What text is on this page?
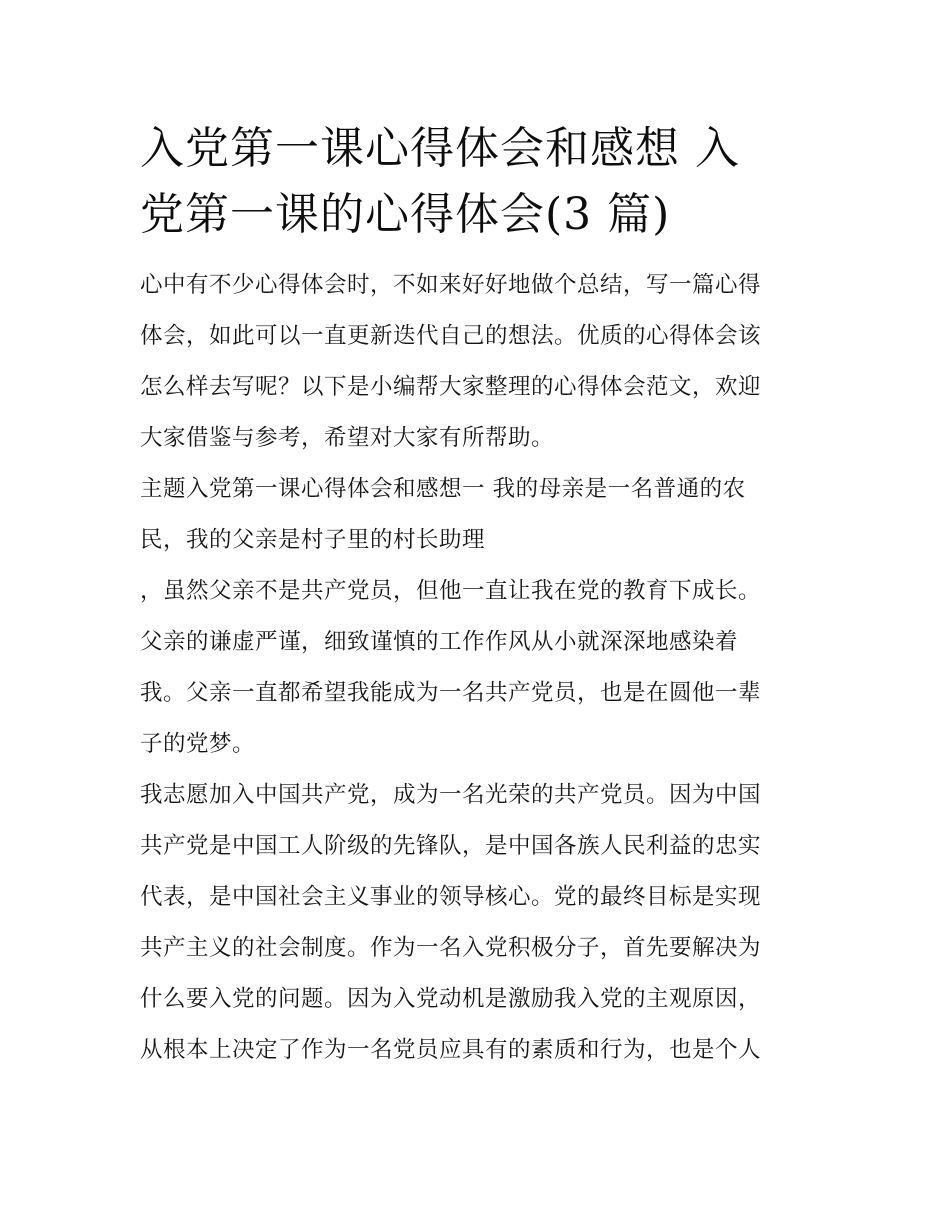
入党第一课心得体会和感想 入
党第一课的心得体会(3 篇)

心中有不少心得体会时，不如来好好地做个总结，写一篇心得
体会，如此可以一直更新迭代自己的想法。优质的心得体会该
怎么样去写呢？以下是小编帮大家整理的心得体会范文，欢迎
大家借鉴与参考，希望对大家有所帮助。

主题入党第一课心得体会和感想一 我的母亲是一名普通的农
民，我的父亲是村子里的村长助理

，虽然父亲不是共产党员，但他一直让我在党的教育下成长。
父亲的谦虚严谨，细致谨慎的工作作风从小就深深地感染着
我。父亲一直都希望我能成为一名共产党员，也是在圆他一辈
子的党梦。

我志愿加入中国共产党，成为一名光荣的共产党员。因为中国
共产党是中国工人阶级的先锋队，是中国各族人民利益的忠实
代表，是中国社会主义事业的领导核心。党的最终目标是实现
共产主义的社会制度。作为一名入党积极分子，首先要解决为
什么要入党的问题。因为入党动机是激励我入党的主观原因，
从根本上决定了作为一名党员应具有的素质和行为，也是个人
